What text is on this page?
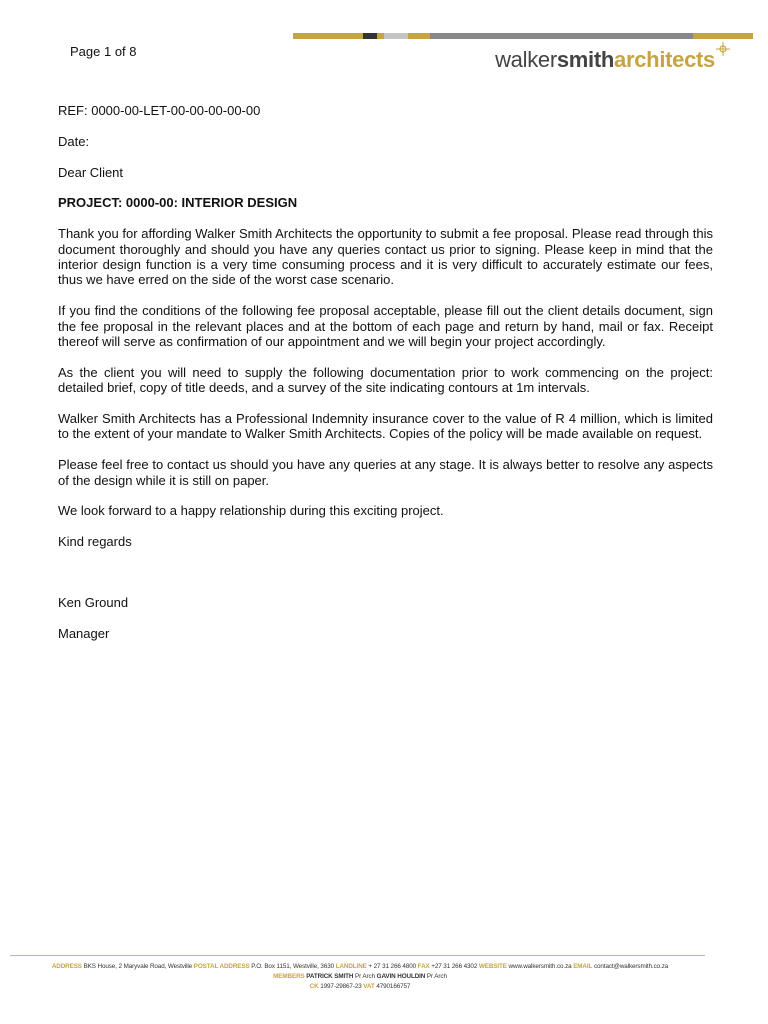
Page 1 of 8	walker smith architects

REF: 0000-00-LET-00-00-00-00-00

Date:

Dear Client

PROJECT: 0000-00: INTERIOR DESIGN

Thank you for affording Walker Smith Architects the opportunity to submit a fee proposal. Please read through this document thoroughly and should you have any queries contact us prior to signing. Please keep in mind that the interior design function is a very time consuming process and it is very difficult to accurately estimate our fees, thus we have erred on the side of the worst case scenario.

If you find the conditions of the following fee proposal acceptable, please fill out the client details document, sign the fee proposal in the relevant places and at the bottom of each page and return by hand, mail or fax. Receipt thereof will serve as confirmation of our appointment and we will begin your project accordingly.

As the client you will need to supply the following documentation prior to work commencing on the project: detailed brief, copy of title deeds, and a survey of the site indicating contours at 1m intervals.

Walker Smith Architects has a Professional Indemnity insurance cover to the value of R 4 million, which is limited to the extent of your mandate to Walker Smith Architects. Copies of the policy will be made available on request.

Please feel free to contact us should you have any queries at any stage. It is always better to resolve any aspects of the design while it is still on paper.

We look forward to a happy relationship during this exciting project.

Kind regards

Ken Ground

Manager

ADDRESS BKS House, 2 Maryvale Road, Westville POSTAL ADDRESS P.O. Box 1151, Westville, 3630 LANDLINE + 27 31 266 4800 FAX +27 31 266 4302 WEBSITE www.walkersmith.co.za EMAIL contact@walkersmith.co.za
MEMBERS PATRICK SMITH Pr Arch GAVIN HOULDIN Pr Arch
CK 1997-29867-23 VAT 4790166757
